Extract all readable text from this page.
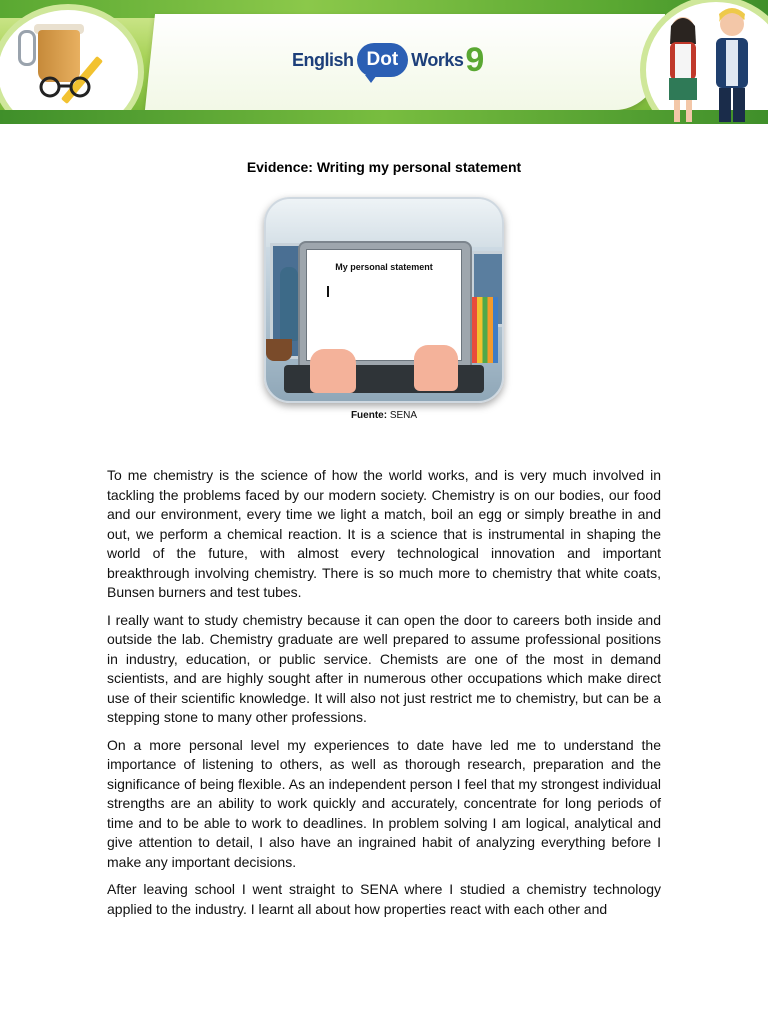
English Dot Works 9
Evidence: Writing my personal statement
My personal statement
Fuente: SENA

To me chemistry is the science of how the world works, and is very much involved in tackling the problems faced by our modern society. Chemistry is on our bodies, our food and our environment, every time we light a match, boil an egg or simply breathe in and out, we perform a chemical reaction. It is a science that is instrumental in shaping the world of the future, with almost every technological innovation and important breakthrough involving chemistry. There is so much more to chemistry that white coats, Bunsen burners and test tubes.

I really want to study chemistry because it can open the door to careers both inside and outside the lab. Chemistry graduate are well prepared to assume professional positions in industry, education, or public service. Chemists are one of the most in demand scientists, and are highly sought after in numerous other occupations which make direct use of their scientific knowledge. It will also not just restrict me to chemistry, but can be a stepping stone to many other professions.

On a more personal level my experiences to date have led me to understand the importance of listening to others, as well as thorough research, preparation and the significance of being flexible. As an independent person I feel that my strongest individual strengths are an ability to work quickly and accurately, concentrate for long periods of time and to be able to work to deadlines. In problem solving I am logical, analytical and give attention to detail, I also have an ingrained habit of analyzing everything before I make any important decisions.

After leaving school I went straight to SENA where I studied a chemistry technology applied to the industry. I learnt all about how properties react with each other and
